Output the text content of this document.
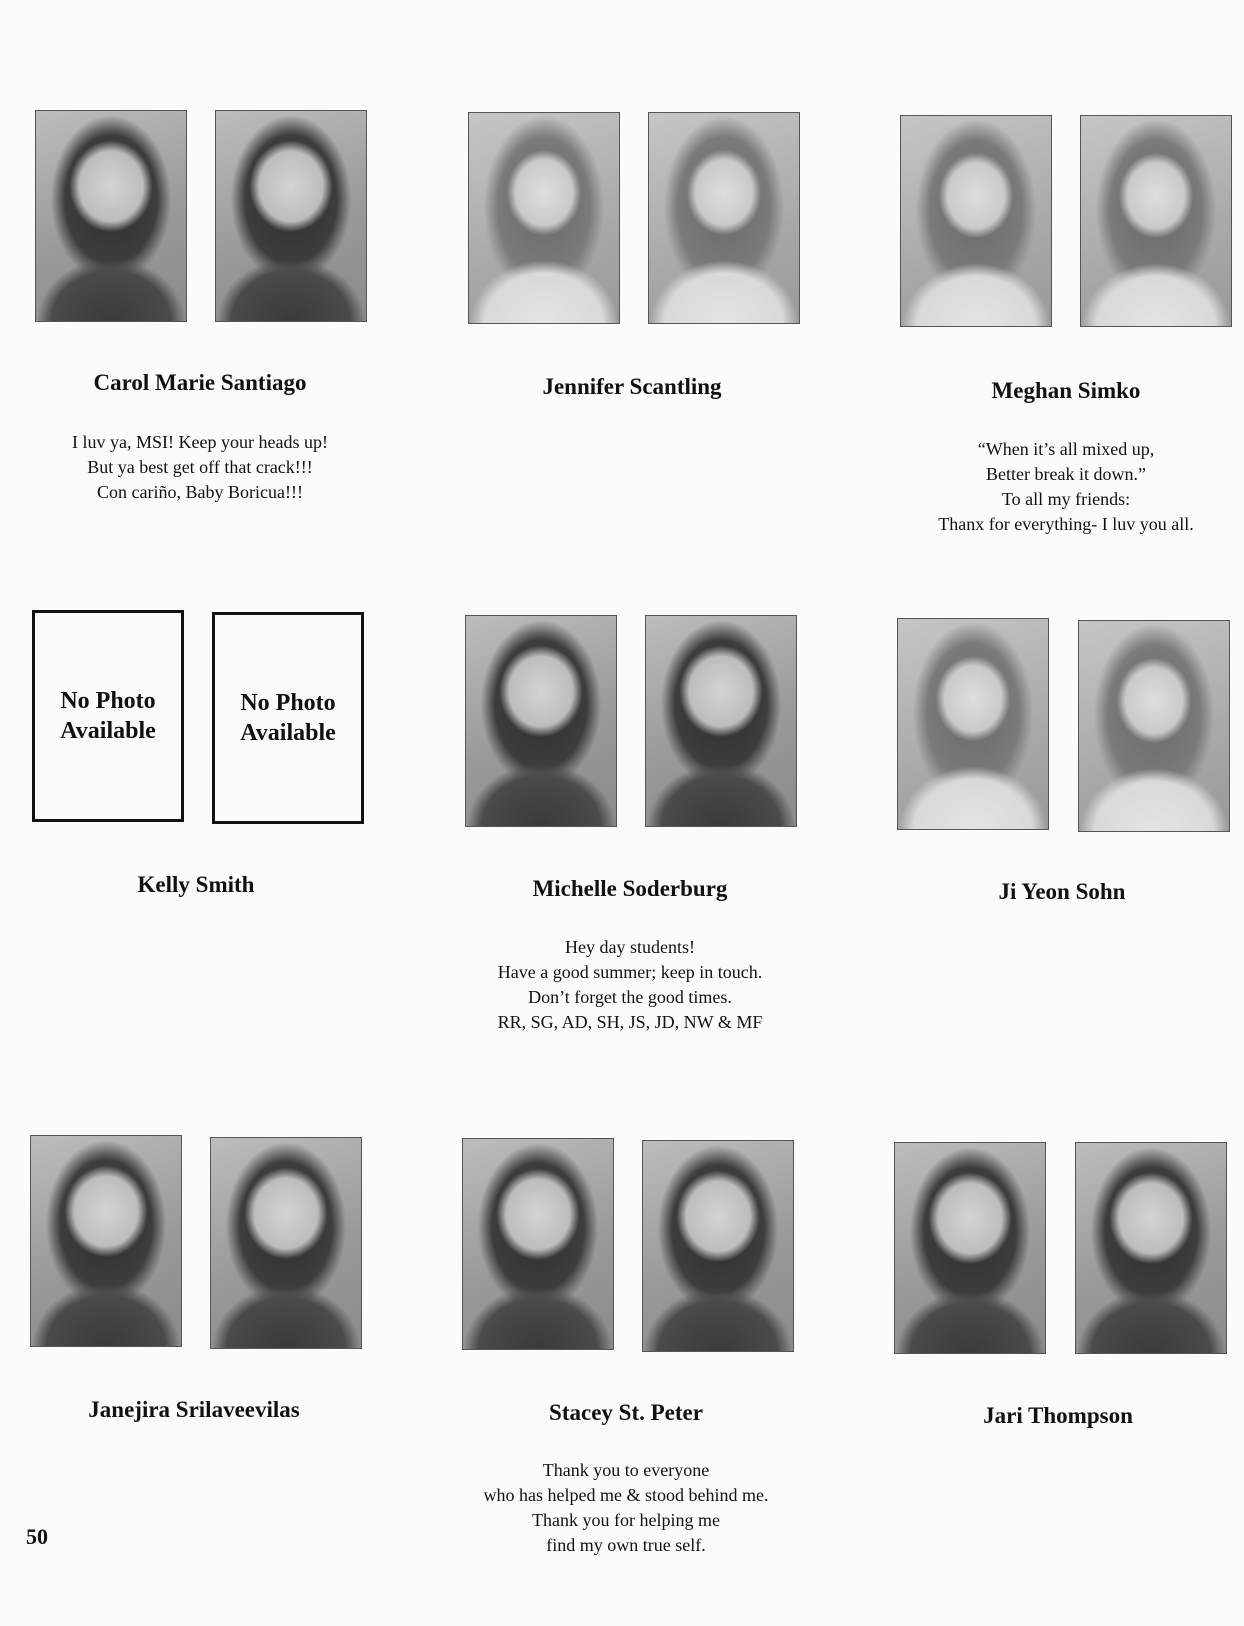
Carol Marie Santiago
I luv ya, MSI! Keep your heads up!
But ya best get off that crack!!!
Con cariño, Baby Boricua!!!
Jennifer Scantling	Meghan Simko
“When it’s all mixed up,
Better break it down.”
To all my friends:
Thanx for everything- I luv you all.
No Photo
Available
No Photo
Available
Kelly Smith	Michelle Soderburg
Hey day students!
Have a good summer; keep in touch.
Don’t forget the good times.
RR, SG, AD, SH, JS, JD, NW & MF
Ji Yeon Sohn
Janejira Srilaveevilas	Stacey St. Peter
Thank you to everyone
who has helped me & stood behind me.
Thank you for helping me
find my own true self.
Jari Thompson
50
